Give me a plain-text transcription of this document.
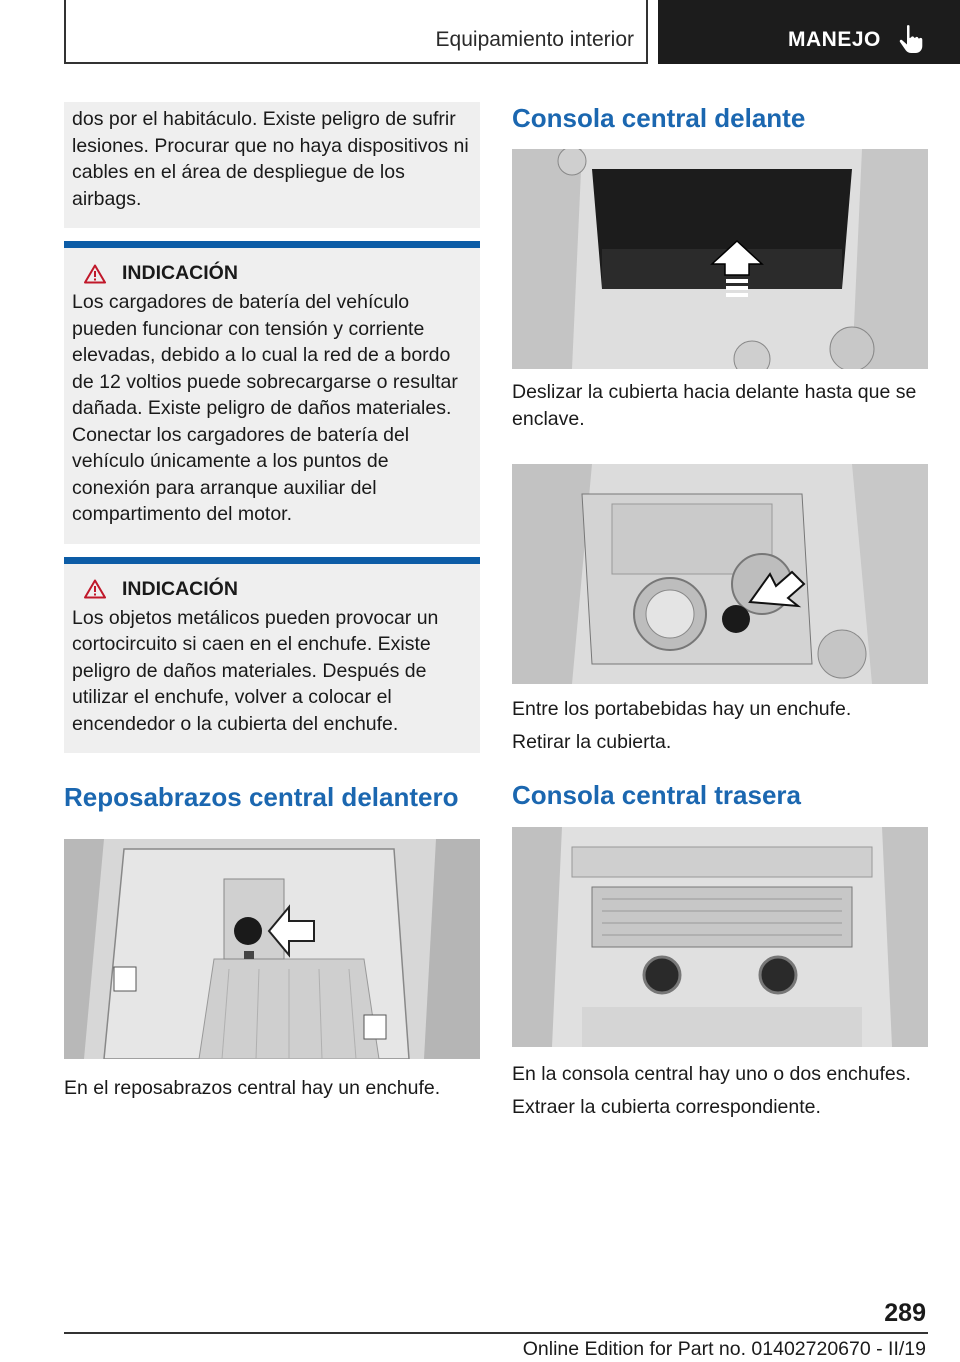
Equipamiento interior	MANEJO

dos por el habitáculo. Existe peligro de sufrir lesiones. Procurar que no haya dispositivos ni cables en el área de despliegue de los airbags.

INDICACIÓN

Los cargadores de batería del vehículo pueden funcionar con tensión y corriente elevadas, debido a lo cual la red de a bordo de 12 voltios puede sobrecargarse o resultar dañada. Existe peligro de daños materiales. Conectar los cargadores de batería del vehículo únicamente a los puntos de conexión para arranque auxiliar del compartimento del motor.

INDICACIÓN

Los objetos metálicos pueden provocar un cortocircuito si caen en el enchufe. Existe peligro de daños materiales. Después de utilizar el enchufe, volver a colocar el encendedor o la cubierta del enchufe.

Reposabrazos central delantero

En el reposabrazos central hay un enchufe.

Consola central delante

Deslizar la cubierta hacia delante hasta que se enclave.

Entre los portabebidas hay un enchufe.

Retirar la cubierta.

Consola central trasera

En la consola central hay uno o dos enchufes.

Extraer la cubierta correspondiente.

289
Online Edition for Part no. 01402720670 - II/19
